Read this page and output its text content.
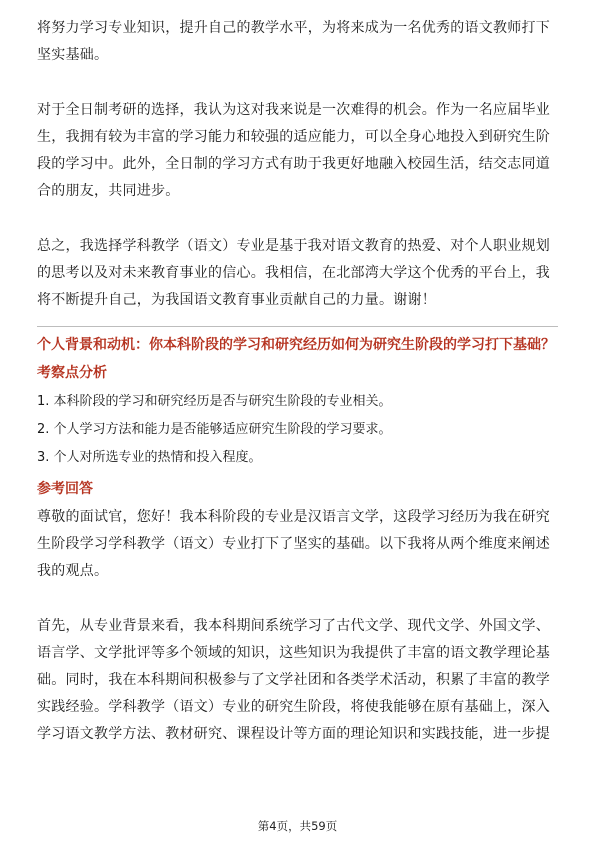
将努力学习专业知识，提升自己的教学水平，为将来成为一名优秀的语文教师打下坚实基础。

对于全日制考研的选择，我认为这对我来说是一次难得的机会。作为一名应届毕业生，我拥有较为丰富的学习能力和较强的适应能力，可以全身心地投入到研究生阶段的学习中。此外，全日制的学习方式有助于我更好地融入校园生活，结交志同道合的朋友，共同进步。

总之，我选择学科教学（语文）专业是基于我对语文教育的热爱、对个人职业规划的思考以及对未来教育事业的信心。我相信，在北部湾大学这个优秀的平台上，我将不断提升自己，为我国语文教育事业贡献自己的力量。谢谢！

个人背景和动机：你本科阶段的学习和研究经历如何为研究生阶段的学习打下基础？
考察点分析
1. 本科阶段的学习和研究经历是否与研究生阶段的专业相关。
2. 个人学习方法和能力是否能够适应研究生阶段的学习要求。
3. 个人对所选专业的热情和投入程度。
参考回答

尊敬的面试官，您好！我本科阶段的专业是汉语言文学，这段学习经历为我在研究生阶段学习学科教学（语文）专业打下了坚实的基础。以下我将从两个维度来阐述我的观点。

首先，从专业背景来看，我本科期间系统学习了古代文学、现代文学、外国文学、语言学、文学批评等多个领域的知识，这些知识为我提供了丰富的语文教学理论基础。同时，我在本科期间积极参与了文学社团和各类学术活动，积累了丰富的教学实践经验。学科教学（语文）专业的研究生阶段，将使我能够在原有基础上，深入学习语文教学方法、教材研究、课程设计等方面的理论知识和实践技能，进一步提

第4页，共59页
